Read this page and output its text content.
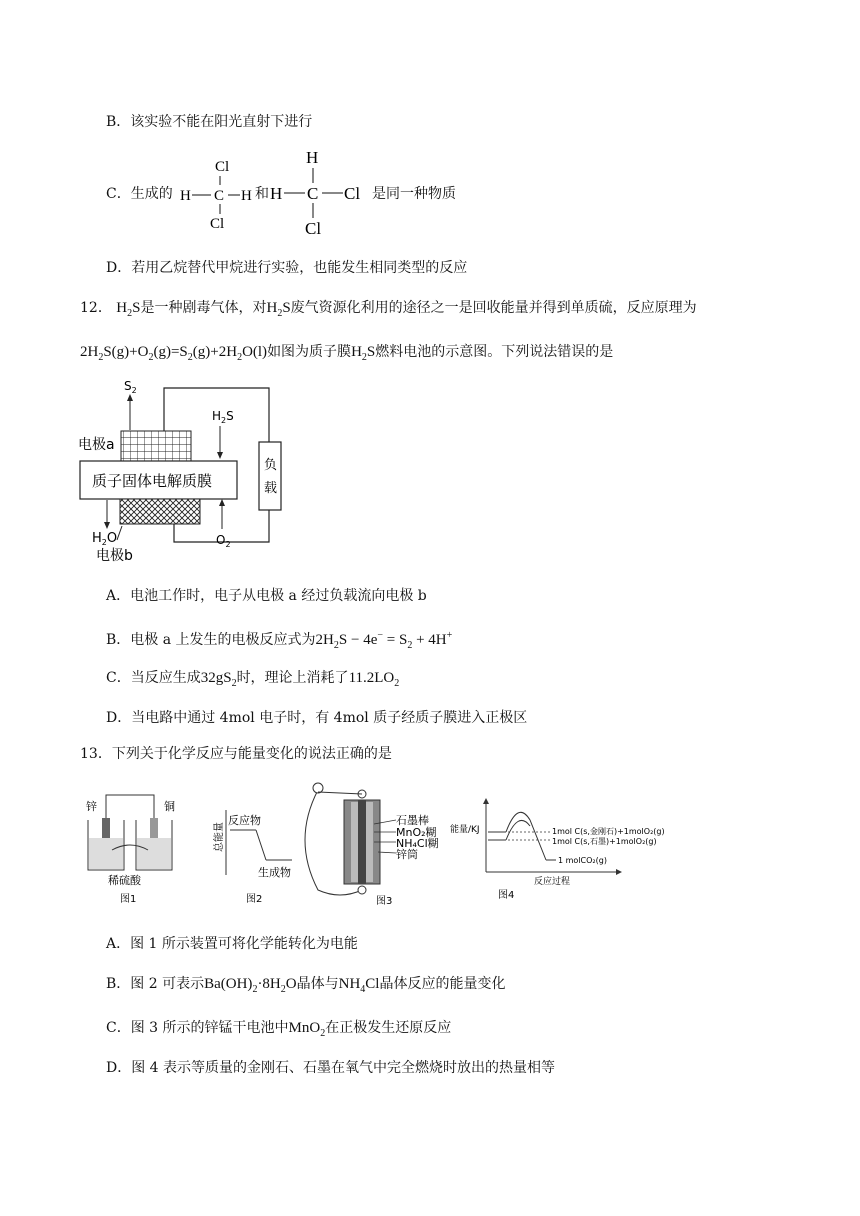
B．该实验不能在阳光直射下进行
C．生成的
Cl
H C H
Cl
和
H
H C Cl
Cl
是同一种物质
D．若用乙烷替代甲烷进行实验，也能发生相同类型的反应
12． $H_2S$是一种剧毒气体，对$H_2S$废气资源化利用的途径之一是回收能量并得到单质硫，反应原理为
$2H_2S(g)+O_2(g)=S_2(g)+2H_2O(l)$如图为质子膜$H_2S$燃料电池的示意图。下列说法错误的是
负
载
质子固体电解质膜
$S_2$
$H_2S$
电极a
$H_2O$
电极b
$O_2$
A．电池工作时，电子从电极 a 经过负载流向电极 b
B．电极 a 上发生的电极反应式为$2H_2S - 4e^- = S_2 + 4H^+$
C．当反应生成$32gS_2$时，理论上消耗了$11.2LO_2$
D．当电路中通过 4mol 电子时，有 4mol 质子经质子膜进入正极区
13．下列关于化学反应与能量变化的说法正确的是
锌	铜
稀硫酸
图1
总能量
反应物
生成物
图2
石墨棒
MnO₂糊
NH₄Cl糊
锌筒
图3
能量/KJ	1mol C(s,金刚石)+1molO₂(g)
1mol C(s,石墨)+1molO₂(g)
1 molCO₂(g)
反应过程
图4
A．图 1 所示装置可将化学能转化为电能
B．图 2 可表示$Ba(OH)_2\cdot 8H_2O$晶体与$NH_4Cl$晶体反应的能量变化
C．图 3 所示的锌锰干电池中MnO$_2$在正极发生还原反应
D．图 4 表示等质量的金刚石、石墨在氧气中完全燃烧时放出的热量相等
